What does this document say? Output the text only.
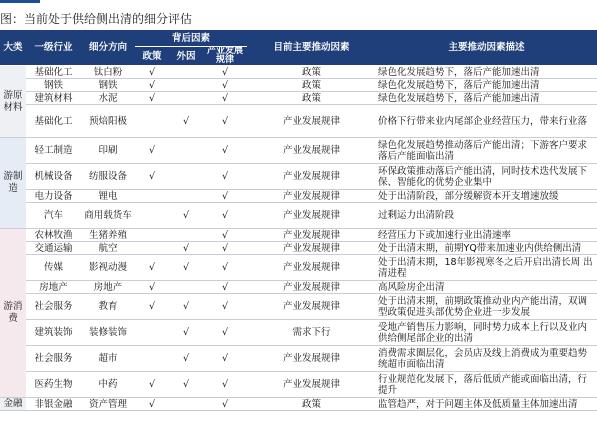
图：当前处于供给侧出清的细分评估
大类	一级行业	细分方向	背后因素			目前主要推动因素	主要推动因素描述
			政策	外因	产业发展规律		
游原材料	基础化工	钛白粉	√		√	政策	绿色化发展趋势下，落后产能加速出清
	钢铁	钢铁	√		√	政策	绿色化发展趋势下，落后产能加速出清
	建筑材料	水泥	√		√	政策	绿色化发展趋势下，落后产能加速出清
	基础化工	预焙阳极		√	√	产业发展规律	价格下行带来业内尾部企业经营压力，带来行业落
游制造	轻工制造	印刷	√		√	产业发展规律	绿色化发展趋势推动落后产能出清；下游客户要求 落后产能面临出清
	机械设备	纺服设备	√		√	产业发展规律	环保政策推动落后产能出清，同时技术迭代发展下 保、智能化的优势企业集中
	电力设备	锂电			√	产业发展规律	处于出清阶段，部分缓解资本开支增速放缓
	汽车	商用载货车		√	√	产业发展规律	过剩运力出清阶段
游消费	农林牧渔	生猪养殖			√	产业发展规律	经营压力下或加速行业出清速率
	交通运输	航空		√	√	产业发展规律	处于出清末期，前期YQ带来加速业内供给侧出清
	传媒	影视动漫	√	√	√	产业发展规律	处于出清末期，18年影视寒冬之后开启出清长周 出清进程
	房地产	房地产	√		√	产业发展规律	高风险房企出清
	社会服务	教育	√	√	√	产业发展规律	处于出清末期，前期政策推动业内产能出清，双调 型政策促进头部优势企业进一步发展
	建筑装饰	装修装饰		√	√	需求下行	受地产销售压力影响，同时势力成本上行以及业内 供给侧尾部企业的出清
	社会服务	超市		√	√	产业发展规律	消费需求圈层化，会员店及线上消费成为重要趋势 统超市面临出清
	医药生物	中药	√	√	√	产业发展规律	行业规范化发展下，落后低质产能或面临出清，行 提升
金融	非银金融	资产管理	√		√	政策	监管趋严，对于问题主体及低质量主体加速出清
